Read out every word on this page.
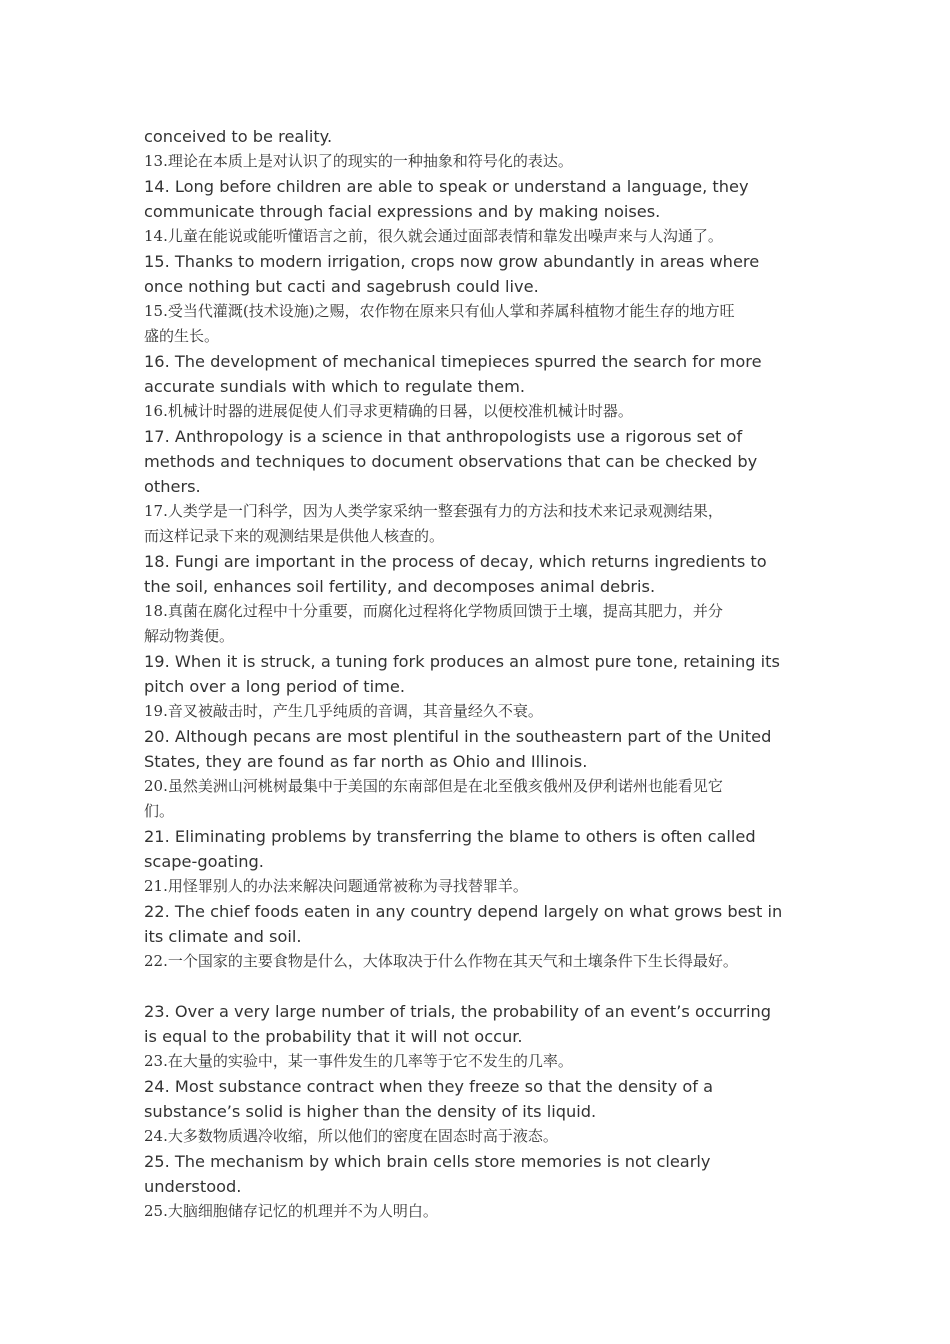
conceived to be reality.
13.理论在本质上是对认识了的现实的一种抽象和符号化的表达。
14. Long before children are able to speak or understand a language, they
communicate through facial expressions and by making noises.
14.儿童在能说或能听懂语言之前，很久就会通过面部表情和靠发出噪声来与人沟通了。
15. Thanks to modern irrigation, crops now grow abundantly in areas where
once nothing but cacti and sagebrush could live.
15.受当代灌溉(技术设施)之赐，农作物在原来只有仙人掌和荞属科植物才能生存的地方旺
盛的生长。
16. The development of mechanical timepieces spurred the search for more
accurate sundials with which to regulate them.
16.机械计时器的进展促使人们寻求更精确的日晷，以便校准机械计时器。
17. Anthropology is a science in that anthropologists use a rigorous set of
methods and techniques to document observations that can be checked by
others.
17.人类学是一门科学，因为人类学家采纳一整套强有力的方法和技术来记录观测结果，
而这样记录下来的观测结果是供他人核查的。
18. Fungi are important in the process of decay, which returns ingredients to
the soil, enhances soil fertility, and decomposes animal debris.
18.真菌在腐化过程中十分重要，而腐化过程将化学物质回馈于土壤，提高其肥力，并分
解动物粪便。
19. When it is struck, a tuning fork produces an almost pure tone, retaining its
pitch over a long period of time.
19.音叉被敲击时，产生几乎纯质的音调，其音量经久不衰。
20. Although pecans are most plentiful in the southeastern part of the United
States, they are found as far north as Ohio and Illinois.
20.虽然美洲山河桃树最集中于美国的东南部但是在北至俄亥俄州及伊利诺州也能看见它
们。
21. Eliminating problems by transferring the blame to others is often called
scape-goating.
21.用怪罪别人的办法来解决问题通常被称为寻找替罪羊。
22. The chief foods eaten in any country depend largely on what grows best in
its climate and soil.
22.一个国家的主要食物是什么，大体取决于什么作物在其天气和土壤条件下生长得最好。
23. Over a very large number of trials, the probability of an event’s occurring
is equal to the probability that it will not occur.
23.在大量的实验中，某一事件发生的几率等于它不发生的几率。
24. Most substance contract when they freeze so that the density of a
substance’s solid is higher than the density of its liquid.
24.大多数物质遇冷收缩，所以他们的密度在固态时高于液态。
25. The mechanism by which brain cells store memories is not clearly
understood.
25.大脑细胞储存记忆的机理并不为人明白。
